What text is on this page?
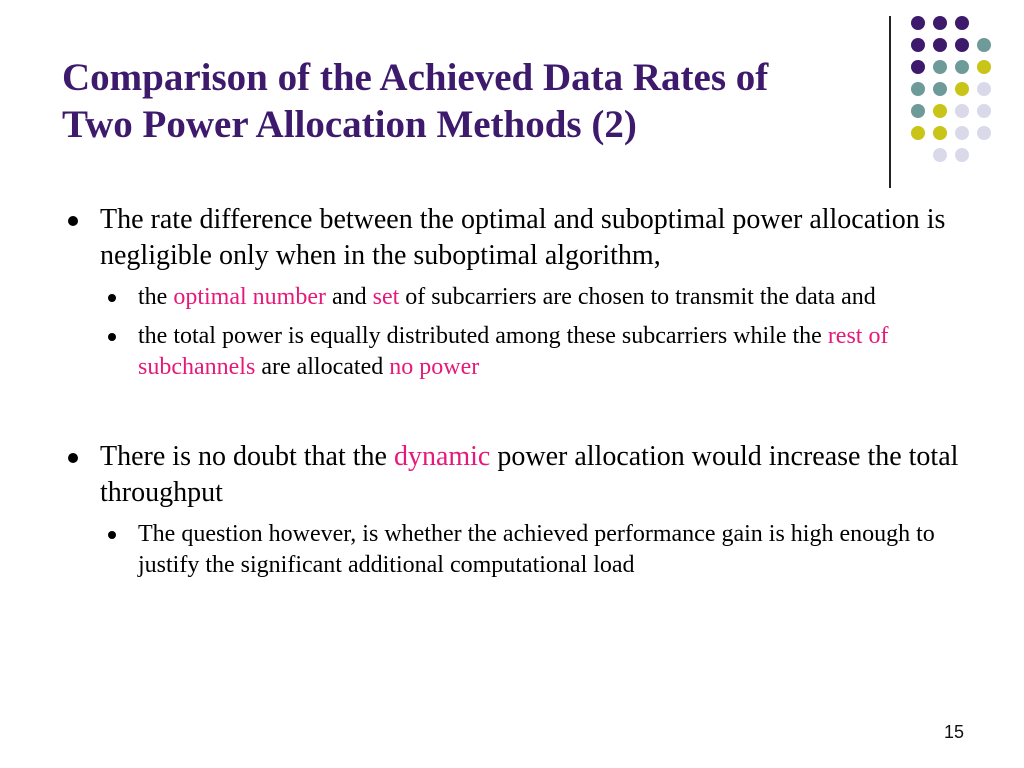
Comparison of the Achieved Data Rates of
Two Power Allocation Methods (2)
The rate difference between the optimal and suboptimal power allocation is negligible only when in the suboptimal algorithm,
the optimal number and set of subcarriers are chosen to transmit the data and
the total power is equally distributed among these subcarriers while the rest of subchannels are allocated no power
There is no doubt that the dynamic power allocation would increase the total throughput
The question however, is whether the achieved performance gain is high enough to justify the significant additional computational load
15
